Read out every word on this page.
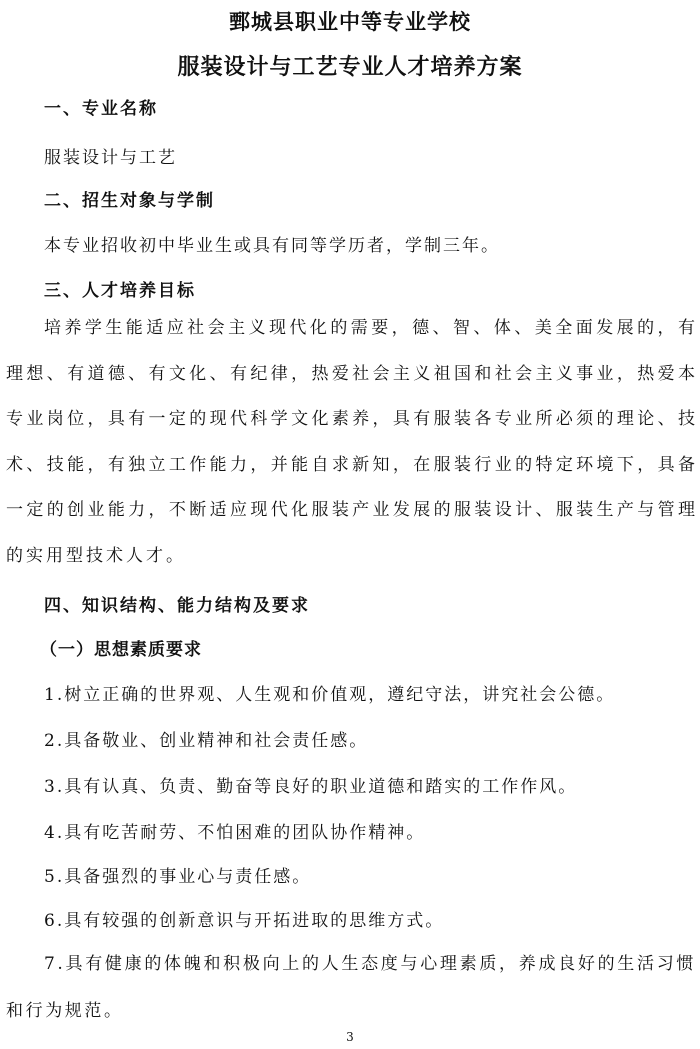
鄄城县职业中等专业学校
服装设计与工艺专业人才培养方案
一、专业名称

服装设计与工艺

二、招生对象与学制

本专业招收初中毕业生或具有同等学历者，学制三年。

三、人才培养目标

培养学生能适应社会主义现代化的需要，德、智、体、美全面发展的，有理想、有道德、有文化、有纪律，热爱社会主义祖国和社会主义事业，热爱本专业岗位，具有一定的现代科学文化素养，具有服装各专业所必须的理论、技术、技能，有独立工作能力，并能自求新知，在服装行业的特定环境下，具备一定的创业能力，不断适应现代化服装产业发展的服装设计、服装生产与管理的实用型技术人才。

四、知识结构、能力结构及要求
（一）思想素质要求

1.树立正确的世界观、人生观和价值观，遵纪守法，讲究社会公德。

2.具备敬业、创业精神和社会责任感。

3.具有认真、负责、勤奋等良好的职业道德和踏实的工作作风。

4.具有吃苦耐劳、不怕困难的团队协作精神。

5.具备强烈的事业心与责任感。

6.具有较强的创新意识与开拓进取的思维方式。

7.具有健康的体魄和积极向上的人生态度与心理素质，养成良好的生活习惯和行为规范。

3
